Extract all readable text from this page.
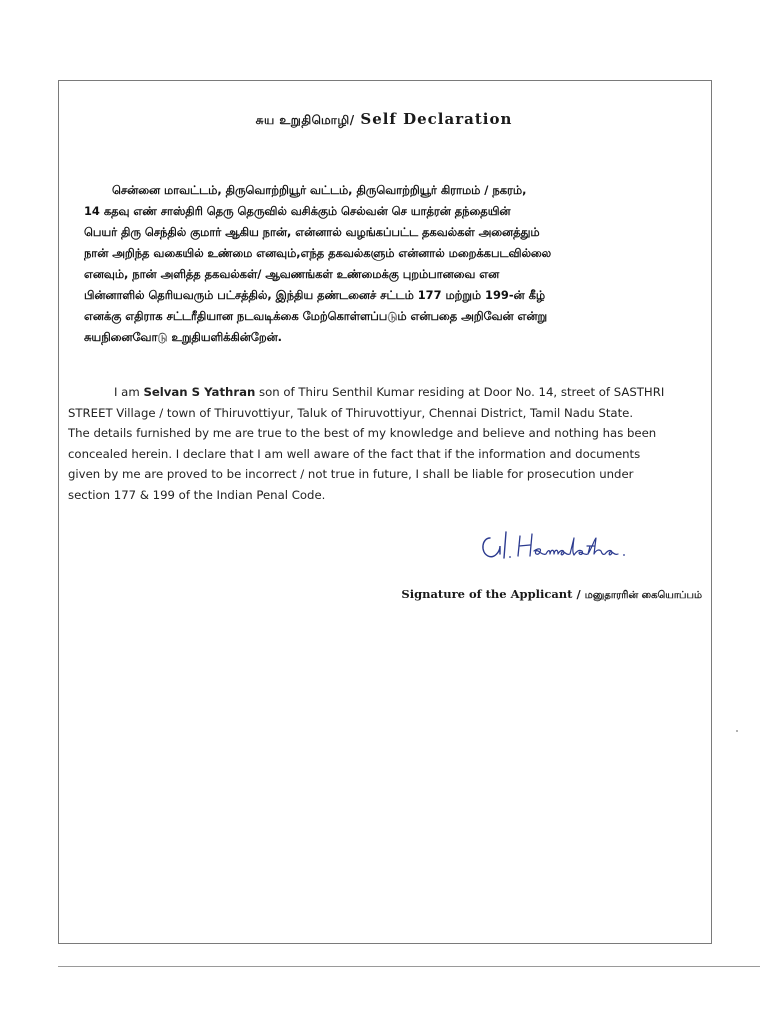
சுய உறுதிமொழி/ Self Declaration
சென்னை மாவட்டம், திருவொற்றியூர் வட்டம், திருவொற்றியூர் கிராமம் / நகரம்,
14 கதவு எண் சாஸ்திரி தெரு தெருவில் வசிக்கும் செல்வன் செ யாத்ரன் தந்தையின்
பெயர் திரு செந்தில் குமார் ஆகிய நான், என்னால் வழங்கப்பட்ட தகவல்கள் அனைத்தும்
நான் அறிந்த வகையில் உண்மை எனவும்,எந்த தகவல்களும் என்னால் மறைக்கபடவில்லை
எனவும், நான் அளித்த தகவல்கள்/ ஆவணங்கள் உண்மைக்கு புறம்பானவை என
பின்னாளில் தெரியவரும் பட்சத்தில், இந்திய தண்டனைச் சட்டம் 177 மற்றும் 199-ன் கீழ்
எனக்கு எதிராக சட்டரீதியான நடவடிக்கை மேற்கொள்ளப்படும் என்பதை அறிவேன் என்று
சுயநினைவோடு உறுதியளிக்கின்றேன்.
I am Selvan S Yathran son of Thiru Senthil Kumar residing at Door No. 14, street of SASTHRI
STREET Village / town of Thiruvottiyur, Taluk of Thiruvottiyur, Chennai District, Tamil Nadu State.
The details furnished by me are true to the best of my knowledge and believe and nothing has been
concealed herein. I declare that I am well aware of the fact that if the information and documents
given by me are proved to be incorrect / not true in future, I shall be liable for prosecution under
section 177 & 199 of the Indian Penal Code.
Signature of the Applicant / மனுதாரரின் கையொப்பம்
